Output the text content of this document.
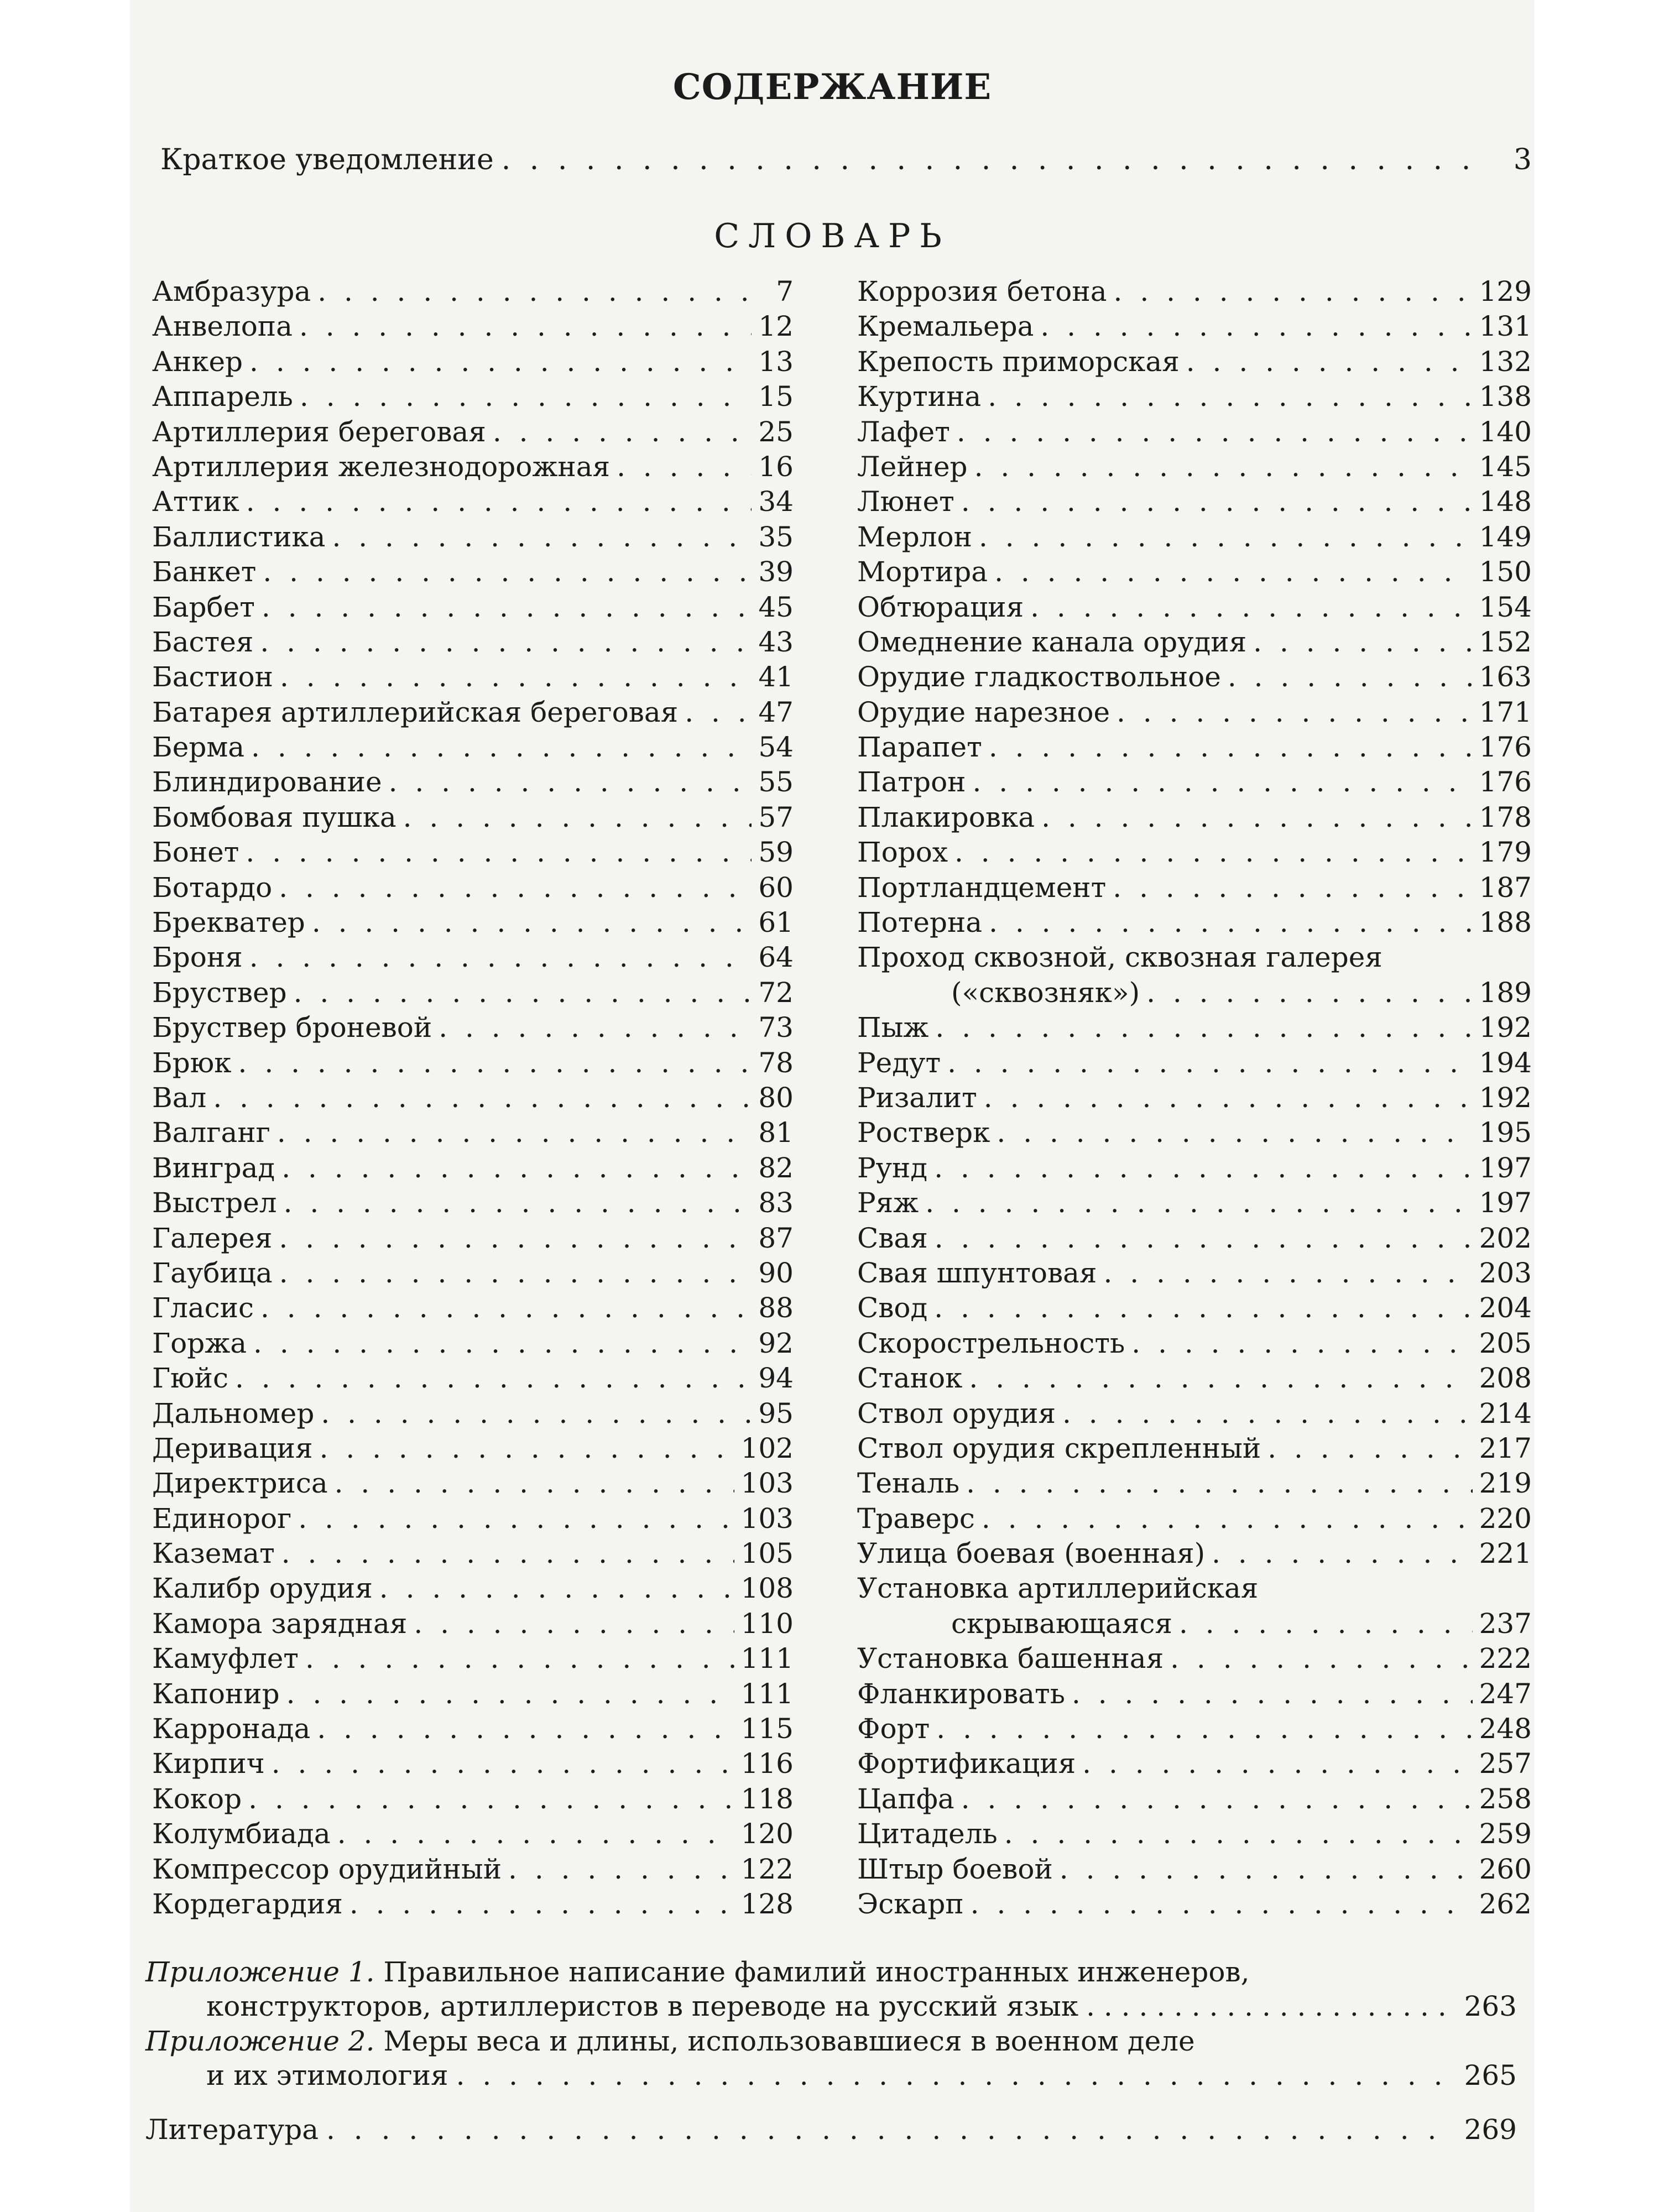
СОДЕРЖАНИЕ
Краткое уведомление . . .	3
СЛОВАРЬ
Амбразура . . .	7
Анвелопа . . .	12
Анкер . . .	13
Аппарель . . .	15
Артиллерия береговая . . .	25
Артиллерия железнодорожная . . .	16
Аттик . . .	34
Баллистика . . .	35
Банкет . . .	39
Барбет . . .	45
Бастея . . .	43
Бастион . . .	41
Батарея артиллерийская береговая . . .	47
Берма . . .	54
Блиндирование . . .	55
Бомбовая пушка . . .	57
Бонет . . .	59
Ботардо . . .	60
Брекватер . . .	61
Броня . . .	64
Бруствер . . .	72
Бруствер броневой . . .	73
Брюк . . .	78
Вал . . .	80
Валганг . . .	81
Винград . . .	82
Выстрел . . .	83
Галерея . . .	87
Гаубица . . .	90
Гласис . . .	88
Горжа . . .	92
Гюйс . . .	94
Дальномер . . .	95
Деривация . . .	102
Директриса . . .	103
Единорог . . .	103
Каземат . . .	105
Калибр орудия . . .	108
Камора зарядная . . .	110
Камуфлет . . .	111
Капонир . . .	111
Карронада . . .	115
Кирпич . . .	116
Кокор . . .	118
Колумбиада . . .	120
Компрессор орудийный . . .	122
Кордегардия . . .	128
Коррозия бетона . . .	129
Кремальера . . .	131
Крепость приморская . . .	132
Куртина . . .	138
Лафет . . .	140
Лейнер . . .	145
Люнет . . .	148
Мерлон . . .	149
Мортира . . .	150
Обтюрация . . .	154
Омеднение канала орудия . . .	152
Орудие гладкоствольное . . .	163
Орудие нарезное . . .	171
Парапет . . .	176
Патрон . . .	176
Плакировка . . .	178
Порох . . .	179
Портландцемент . . .	187
Потерна . . .	188
Проход сквозной, сквозная галерея
(«сквозняк») . . .	189
Пыж . . .	192
Редут . . .	194
Ризалит . . .	192
Ростверк . . .	195
Рунд . . .	197
Ряж . . .	197
Свая . . .	202
Свая шпунтовая . . .	203
Свод . . .	204
Скорострельность . . .	205
Станок . . .	208
Ствол орудия . . .	214
Ствол орудия скрепленный . . .	217
Теналь . . .	219
Траверс . . .	220
Улица боевая (военная) . . .	221
Установка артиллерийская
скрывающаяся . . .	237
Установка башенная . . .	222
Фланкировать . . .	247
Форт . . .	248
Фортификация . . .	257
Цапфа . . .	258
Цитадель . . .	259
Штыр боевой . . .	260
Эскарп . . .	262
Приложение 1. Правильное написание фамилий иностранных инженеров,
конструкторов, артиллеристов в переводе на русский язык . . .	263
Приложение 2. Меры веса и длины, использовавшиеся в военном деле
и их этимология . . .	265
Литература . . .	269
